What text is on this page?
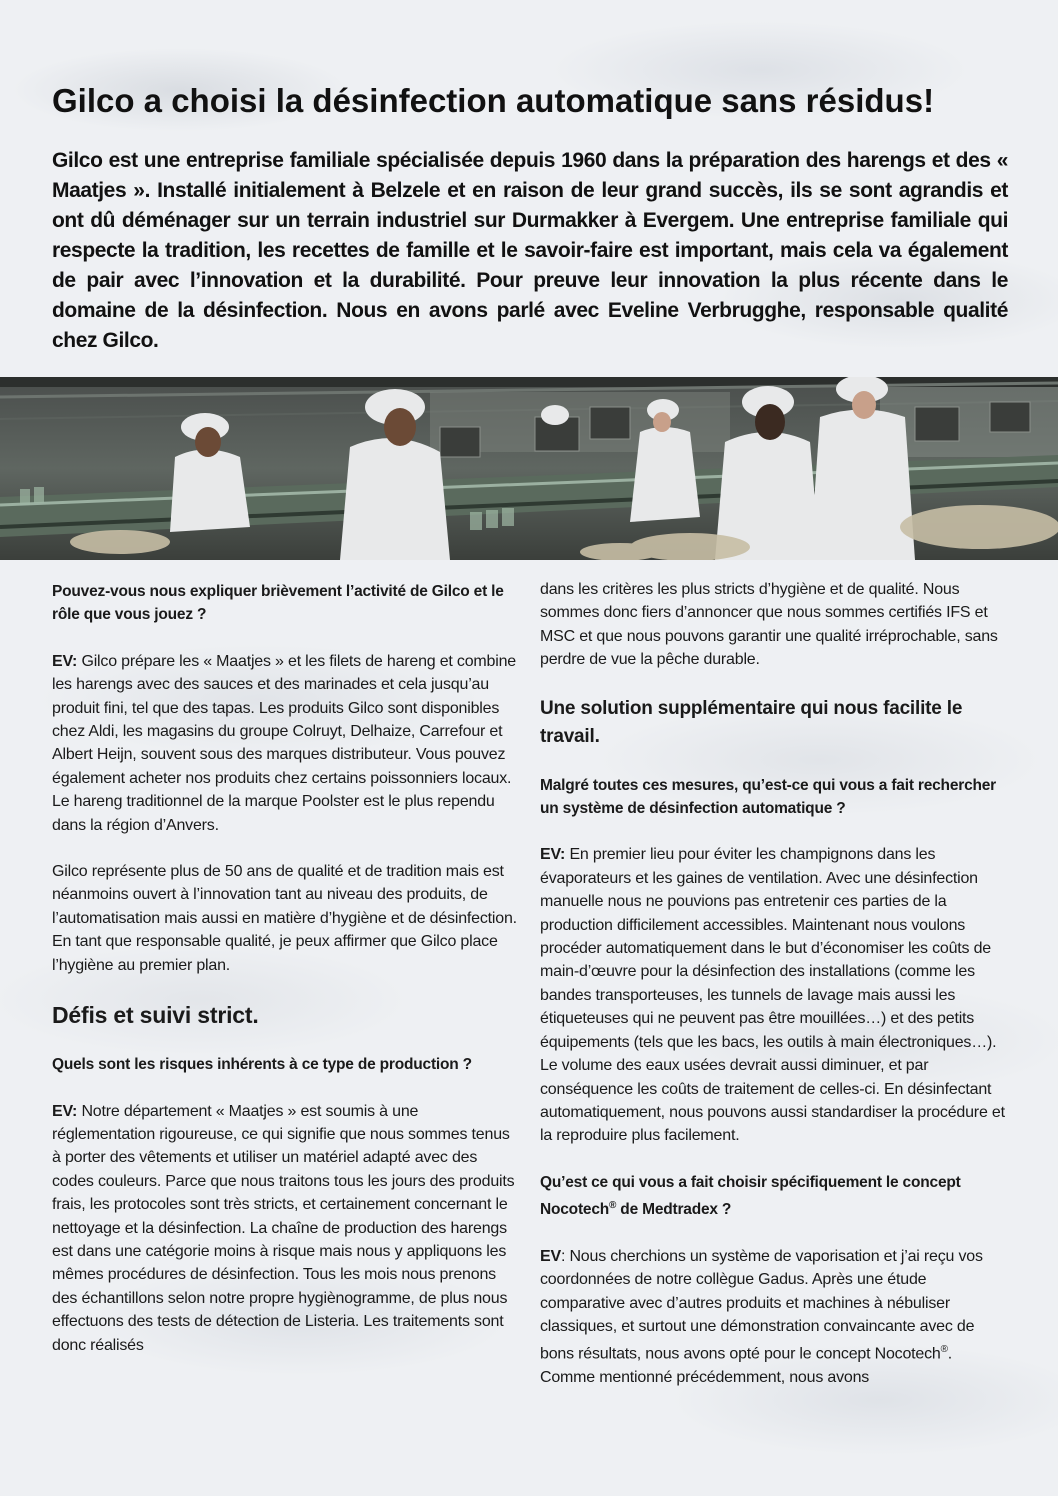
Gilco a choisi la désinfection automatique sans résidus!

Gilco est une entreprise familiale spécialisée depuis 1960 dans la préparation des harengs et des « Maatjes ». Installé initialement à Belzele et en raison de leur grand succès, ils se sont agrandis et ont dû déménager sur un terrain industriel sur Durmakker à Evergem. Une entreprise familiale qui respecte la tradition, les recettes de famille et le savoir-faire est important, mais cela va également de pair avec l’innovation et la durabilité. Pour preuve leur innovation la plus récente dans le domaine de la désinfection. Nous en avons parlé avec Eveline Verbrugghe, responsable qualité chez Gilco.

Pouvez-vous nous expliquer brièvement l’activité de Gilco et le rôle que vous jouez ?

EV: Gilco prépare les « Maatjes » et les filets de hareng et combine les harengs avec des sauces et des marinades et cela jusqu’au produit fini, tel que des tapas. Les produits Gilco sont disponibles chez Aldi, les magasins du groupe Colruyt, Delhaize, Carrefour et Albert Heijn, souvent sous des marques distributeur. Vous pouvez également acheter nos produits chez certains poissonniers locaux. Le hareng traditionnel de la marque Poolster est le plus rependu dans la région d’Anvers.

Gilco représente plus de 50 ans de qualité et de tradition mais est néanmoins ouvert à l’innovation tant au niveau des produits, de l’automatisation mais aussi en matière d’hygiène et de désinfection. En tant que responsable qualité, je peux affirmer que Gilco place l’hygiène au premier plan.

Défis et suivi strict.

Quels sont les risques inhérents à ce type de production ?

EV: Notre département « Maatjes » est soumis à une réglementation rigoureuse, ce qui signifie que nous sommes tenus à porter des vêtements et utiliser un matériel adapté avec des codes couleurs. Parce que nous traitons tous les jours des produits frais, les protocoles sont très stricts, et certainement concernant le nettoyage et la désinfection. La chaîne de production des harengs est dans une catégorie moins à risque mais nous y appliquons les mêmes procédures de désinfection. Tous les mois nous prenons des échantillons selon notre propre hygiènogramme, de plus nous effectuons des tests de détection de Listeria. Les traitements sont donc réalisés

dans les critères les plus stricts d’hygiène et de qualité. Nous sommes donc fiers d’annoncer que nous sommes certifiés IFS et MSC et que nous pouvons garantir une qualité irréprochable, sans perdre de vue la pêche durable.

Une solution supplémentaire qui nous facilite le travail.

Malgré toutes ces mesures, qu’est-ce qui vous a fait rechercher un système de désinfection automatique ?

EV: En premier lieu pour éviter les champignons dans les évaporateurs et les gaines de ventilation. Avec une désinfection manuelle nous ne pouvions pas entretenir ces parties de la production difficilement accessibles. Maintenant nous voulons procéder automatiquement dans le but d’économiser les coûts de main-d’œuvre pour la désinfection des installations (comme les bandes transporteuses, les tunnels de lavage mais aussi les étiqueteuses qui ne peuvent pas être mouillées…) et des petits équipements (tels que les bacs, les outils à main électroniques…). Le volume des eaux usées devrait aussi diminuer, et par conséquence les coûts de traitement de celles-ci. En désinfectant automatiquement, nous pouvons aussi standardiser la procédure et la reproduire plus facilement.

Qu’est ce qui vous a fait choisir spécifiquement le concept Nocotech® de Medtradex ?

EV: Nous cherchions un système de vaporisation et j’ai reçu vos coordonnées de notre collègue Gadus. Après une étude comparative avec d’autres produits et machines à nébuliser classiques, et surtout une démonstration convaincante avec de bons résultats, nous avons opté pour le concept Nocotech®. Comme mentionné précédemment, nous avons
